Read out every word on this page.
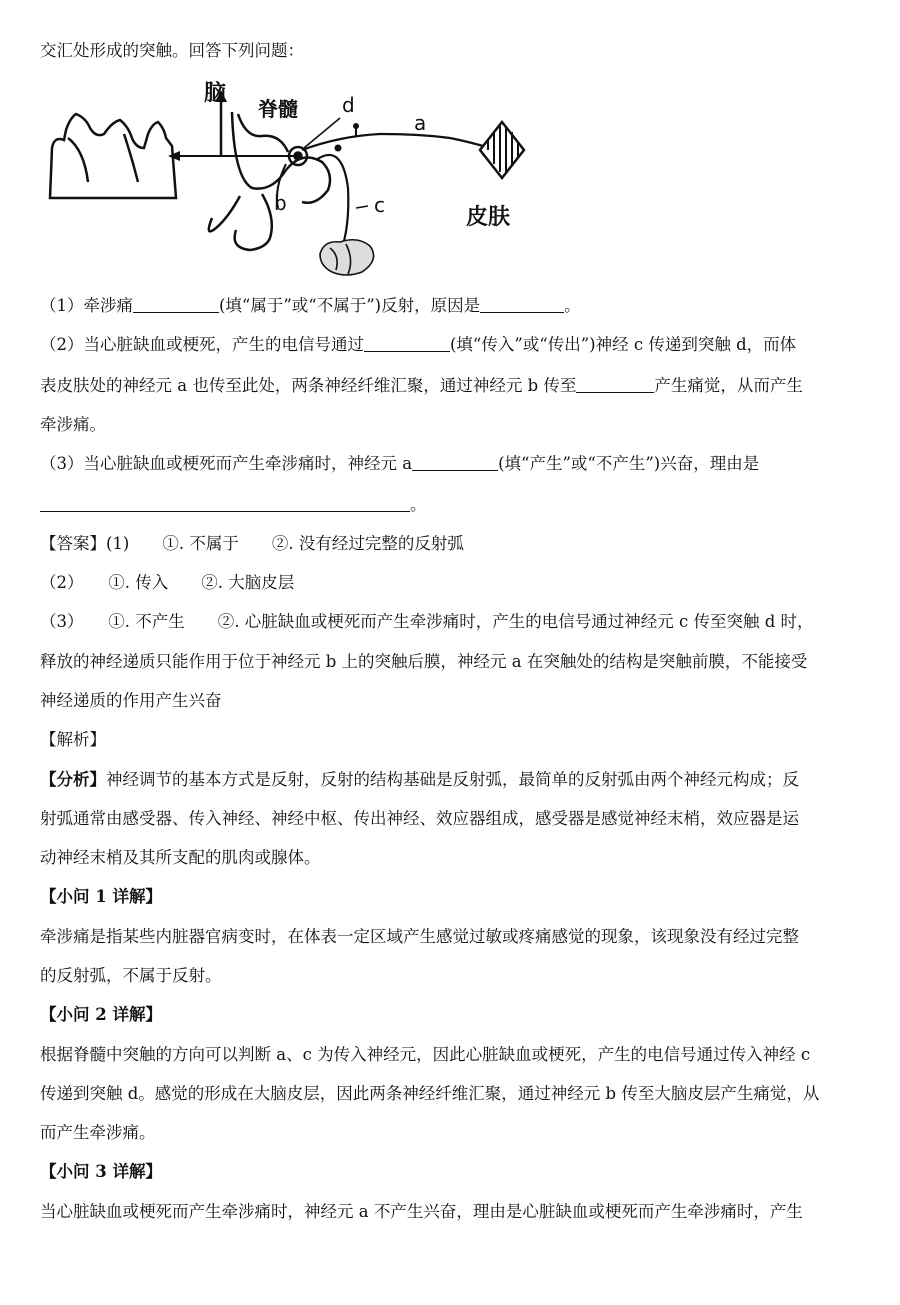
交汇处形成的突触。回答下列问题：
脑
脊髓 d
a
b	c	皮肤
（1）牵涉痛	(填“属于”或“不属于”)反射，原因是	。
（2）当心脏缺血或梗死，产生的电信号通过	(填“传入”或“传出”)神经 c 传递到突触 d，而体
表皮肤处的神经元 a 也传至此处，两条神经纤维汇聚，通过神经元 b 传至	产生痛觉，从而产生
牵涉痛。
（3）当心脏缺血或梗死而产生牵涉痛时，神经元 a	(填“产生”或“不产生”)兴奋，理由是
。
【答案】(1)　　①. 不属于　　②. 没有经过完整的反射弧
（2）　　①. 传入　　②. 大脑皮层
（3）　　①. 不产生　　②. 心脏缺血或梗死而产生牵涉痛时，产生的电信号通过神经元 c 传至突触 d 时，
释放的神经递质只能作用于位于神经元 b 上的突触后膜，神经元 a 在突触处的结构是突触前膜，不能接受
神经递质的作用产生兴奋
【解析】
【分析】神经调节的基本方式是反射，反射的结构基础是反射弧，最简单的反射弧由两个神经元构成；反
射弧通常由感受器、传入神经、神经中枢、传出神经、效应器组成，感受器是感觉神经末梢，效应器是运
动神经末梢及其所支配的肌肉或腺体。
【小问 1 详解】
牵涉痛是指某些内脏器官病变时，在体表一定区域产生感觉过敏或疼痛感觉的现象，该现象没有经过完整
的反射弧，不属于反射。
【小问 2 详解】
根据脊髓中突触的方向可以判断 a、c 为传入神经元，因此心脏缺血或梗死，产生的电信号通过传入神经 c
传递到突触 d。感觉的形成在大脑皮层，因此两条神经纤维汇聚，通过神经元 b 传至大脑皮层产生痛觉，从
而产生牵涉痛。
【小问 3 详解】
当心脏缺血或梗死而产生牵涉痛时，神经元 a 不产生兴奋，理由是心脏缺血或梗死而产生牵涉痛时，产生
